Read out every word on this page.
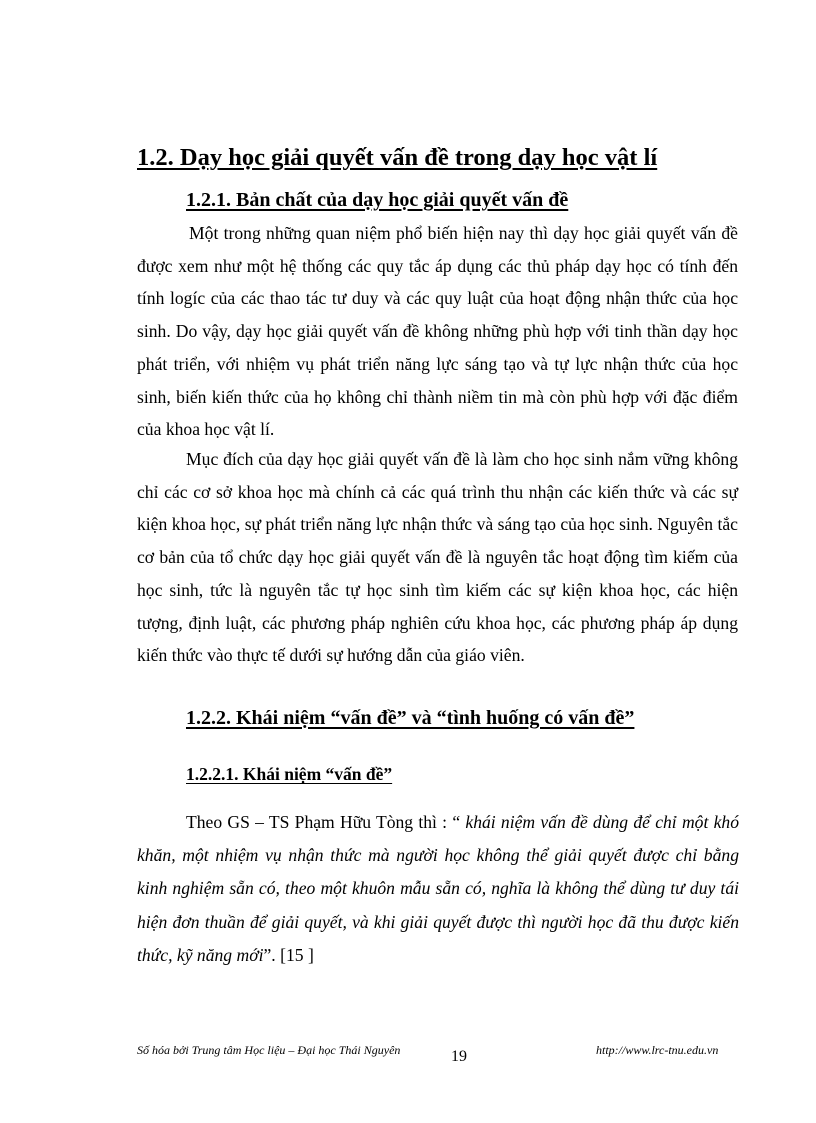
1.2. Dạy học giải quyết vấn đề trong dạy học vật lí
1.2.1. Bản chất của dạy học giải quyết vấn đề

Một trong những quan niệm phổ biến hiện nay thì dạy học giải quyết vấn đề được xem như một hệ thống các quy tắc áp dụng các thủ pháp dạy học có tính đến tính logíc của các thao tác tư duy và các quy luật của hoạt động nhận thức của học sinh. Do vậy, dạy học giải quyết vấn đề không những phù hợp với tinh thần dạy học phát triển, với nhiệm vụ phát triển năng lực sáng tạo và tự lực nhận thức của học sinh, biến kiến thức của họ không chỉ thành niềm tin mà còn phù hợp với đặc điểm của khoa học vật lí.

Mục đích của dạy học giải quyết vấn đề là làm cho học sinh nắm vững không chỉ các cơ sở khoa học mà chính cả các quá trình thu nhận các kiến thức và các sự kiện khoa học, sự phát triển năng lực nhận thức và sáng tạo của học sinh. Nguyên tắc cơ bản của tổ chức dạy học giải quyết vấn đề là nguyên tắc hoạt động tìm kiếm của học sinh, tức là nguyên tắc tự học sinh tìm kiếm các sự kiện khoa học, các hiện tượng, định luật, các phương pháp nghiên cứu khoa học, các phương pháp áp dụng kiến thức vào thực tế dưới sự hướng dẫn của giáo viên.

1.2.2. Khái niệm “vấn đề” và “tình huống có vấn đề”
1.2.2.1. Khái niệm “vấn đề”

Theo GS – TS Phạm Hữu Tòng thì : “ khái niệm vấn đề dùng để chỉ một khó khăn, một nhiệm vụ nhận thức mà người học không thể giải quyết được chỉ bằng kinh nghiệm sẵn có, theo một khuôn mẫu sẵn có, nghĩa là không thể dùng tư duy tái hiện đơn thuần để giải quyết, và khi giải quyết được thì người học đã thu được kiến thức, kỹ năng mới”. [15 ]

Số hóa bởi Trung tâm Học liệu – Đại học Thái Nguyên	19	http://www.lrc-tnu.edu.vn
